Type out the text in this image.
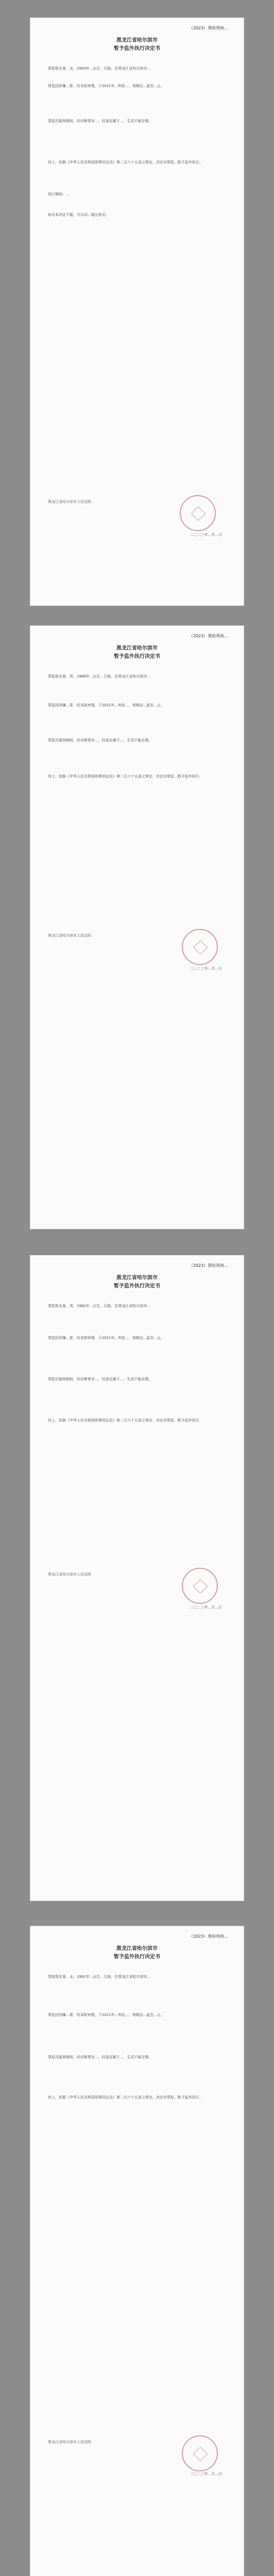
（2023）黑哈刑执...
黑龙江省哈尔滨市
暂予监外执行决定书
罪犯姓名某，女，1993年...出生，汉族，住黑龙江省哈尔滨市...
罪犯因涉嫌...罪，经本院审理，于2021年...判处...，刑期自...起至...止。
罪犯在服刑期间，经诊断患有...，经鉴定属于...，生活不能自理。
综上，依据《中华人民共和国刑事诉讼法》第二百六十五条之规定，决定对罪犯...暂予监外执行。
执行期间：...
如对本决定不服，可以向...提出意见。
黑龙江省哈尔滨市人民法院
二〇二三年...月...日
（2023）黑哈刑执...
黑龙江省哈尔滨市
暂予监外执行决定书
罪犯姓名某，男，1988年...出生，汉族，住黑龙江省哈尔滨市...
罪犯因涉嫌...罪，经本院审理，于2021年...判处...，刑期自...起至...止。
罪犯在服刑期间，经诊断患有...，经鉴定属于...，生活不能自理。
综上，依据《中华人民共和国刑事诉讼法》第二百六十五条之规定，决定对罪犯...暂予监外执行。
黑龙江省哈尔滨市人民法院
二〇二三年...月...日
（2023）黑哈刑执...
黑龙江省哈尔滨市
暂予监外执行决定书
罪犯姓名某，男，1982年...出生，汉族，住黑龙江省哈尔滨市...
罪犯因涉嫌...罪，经本院审理，于2021年...判处...，刑期自...起至...止。
罪犯在服刑期间，经诊断患有...，经鉴定属于...，生活不能自理。
综上，依据《中华人民共和国刑事诉讼法》第二百六十五条之规定，决定对罪犯...暂予监外执行。
黑龙江省哈尔滨市人民法院
二〇二三年...月...日
（2023）黑哈刑执...
黑龙江省哈尔滨市
暂予监外执行决定书
罪犯姓名某，女，1991年...出生，汉族，住黑龙江省哈尔滨市...
罪犯因涉嫌...罪，经本院审理，于2021年...判处...，刑期自...起至...止。
罪犯在服刑期间，经诊断患有...，经鉴定属于...，生活不能自理。
综上，依据《中华人民共和国刑事诉讼法》第二百六十五条之规定，决定对罪犯...暂予监外执行。
黑龙江省哈尔滨市人民法院
二〇二三年...月...日
